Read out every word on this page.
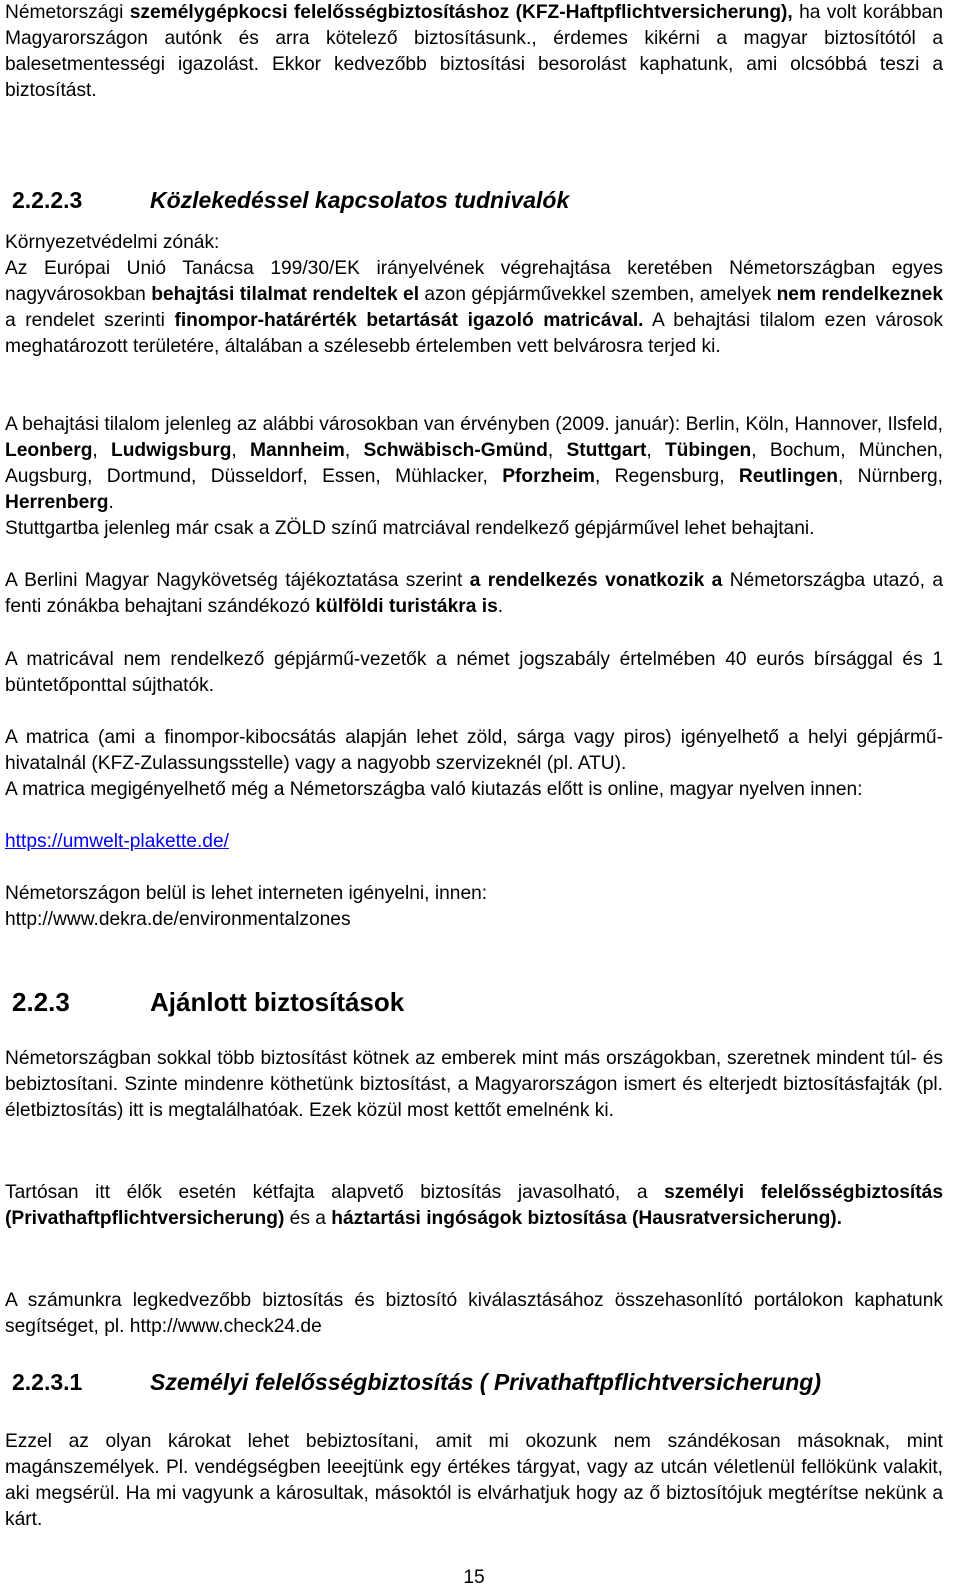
Németországi személygépkocsi felelősségbiztosításhoz (KFZ-Haftpflichtversicherung), ha volt korábban Magyarországon autónk és arra kötelező biztosításunk., érdemes kikérni a magyar biztosítótól a balesetmentességi igazolást. Ekkor kedvezőbb biztosítási besorolást kaphatunk, ami olcsóbbá teszi a biztosítást.

2.2.2.3	Közlekedéssel kapcsolatos tudnivalók

Környezetvédelmi zónák:

Az Európai Unió Tanácsa 199/30/EK irányelvének végrehajtása keretében Németországban egyes nagyvárosokban behajtási tilalmat rendeltek el azon gépjárművekkel szemben, amelyek nem rendelkeznek a rendelet szerinti finompor-határérték betartását igazoló matricával. A behajtási tilalom ezen városok meghatározott területére, általában a szélesebb értelemben vett belvárosra terjed ki.

A behajtási tilalom jelenleg az alábbi városokban van érvényben (2009. január): Berlin, Köln, Hannover, Ilsfeld, Leonberg, Ludwigsburg, Mannheim, Schwäbisch-Gmünd, Stuttgart, Tübingen, Bochum, München, Augsburg, Dortmund, Düsseldorf, Essen, Mühlacker, Pforzheim, Regensburg, Reutlingen, Nürnberg, Herrenberg.

Stuttgartba jelenleg már csak a ZÖLD színű matrciával rendelkező gépjárművel lehet behajtani.

A Berlini Magyar Nagykövetség tájékoztatása szerint a rendelkezés vonatkozik a Németországba utazó, a fenti zónákba behajtani szándékozó külföldi turistákra is.

A matricával nem rendelkező gépjármű-vezetők a német jogszabály értelmében 40 eurós bírsággal és 1 büntetőponttal sújthatók.

A matrica (ami a finompor-kibocsátás alapján lehet zöld, sárga vagy piros) igényelhető a helyi gépjármű-hivatalnál (KFZ-Zulassungsstelle) vagy a nagyobb szervizeknél (pl. ATU).

A matrica megigényelhető még a Németországba való kiutazás előtt is online, magyar nyelven innen:

https://umwelt-plakette.de/

Németországon belül is lehet interneten igényelni, innen:

http://www.dekra.de/environmentalzones

2.2.3	Ajánlott biztosítások

Németországban sokkal több biztosítást kötnek az emberek mint más országokban, szeretnek mindent túl- és bebiztosítani. Szinte mindenre köthetünk biztosítást, a Magyarországon ismert és elterjedt biztosításfajták (pl. életbiztosítás) itt is megtalálhatóak. Ezek közül most kettőt emelnénk ki.

Tartósan itt élők esetén kétfajta alapvető biztosítás javasolható, a személyi felelősségbiztosítás (Privathaftpflichtversicherung) és a háztartási ingóságok biztosítása (Hausratversicherung).

A számunkra legkedvezőbb biztosítás és biztosító kiválasztásához összehasonlító portálokon kaphatunk segítséget, pl. http://www.check24.de

2.2.3.1	Személyi felelősségbiztosítás ( Privathaftpflichtversicherung)

Ezzel az olyan károkat lehet bebiztosítani, amit mi okozunk nem szándékosan másoknak, mint magánszemélyek. Pl. vendégségben leeejtünk egy értékes tárgyat, vagy az utcán véletlenül fellökünk valakit, aki megsérül. Ha mi vagyunk a károsultak, másoktól is elvárhatjuk hogy az ő biztosítójuk megtérítse nekünk a kárt.

15
